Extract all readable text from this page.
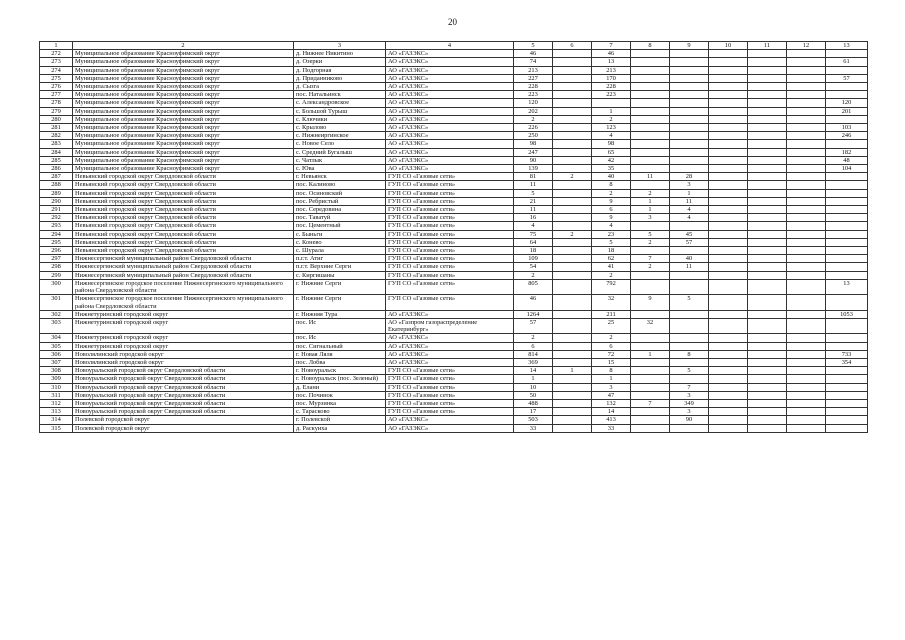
20
1	2	3	4	5	6	7	8	9	10	11	12	13
272	Муниципальное образование Красноуфимский округ	д. Нижнее Никитино	АО «ГАЗЭКС»	46		46						
273	Муниципальное образование Красноуфимский округ	д. Озерки	АО «ГАЗЭКС»	74		13						61
274	Муниципальное образование Красноуфимский округ	д. Подгорная	АО «ГАЗЭКС»	213		213						
275	Муниципальное образование Красноуфимский округ	д. Приданниково	АО «ГАЗЭКС»	227		170						57
276	Муниципальное образование Красноуфимский округ	д. Сызга	АО «ГАЗЭКС»	228		228						
277	Муниципальное образование Красноуфимский округ	пос. Натальинск	АО «ГАЗЭКС»	223		223						
278	Муниципальное образование Красноуфимский округ	с. Александровское	АО «ГАЗЭКС»	120								120
279	Муниципальное образование Красноуфимский округ	с. Большой Турыш	АО «ГАЗЭКС»	202		1						201
280	Муниципальное образование Красноуфимский округ	с. Ключики	АО «ГАЗЭКС»	2		2						
281	Муниципальное образование Красноуфимский округ	с. Крылово	АО «ГАЗЭКС»	226		123						103
282	Муниципальное образование Красноуфимский округ	с. Нижнеиргинское	АО «ГАЗЭКС»	250		4						246
283	Муниципальное образование Красноуфимский округ	с. Новое Село	АО «ГАЗЭКС»	98		98						
284	Муниципальное образование Красноуфимский округ	с. Средний Бугалыш	АО «ГАЗЭКС»	247		65						182
285	Муниципальное образование Красноуфимский округ	с. Чатлык	АО «ГАЗЭКС»	90		42						48
286	Муниципальное образование Красноуфимский округ	с. Юва	АО «ГАЗЭКС»	139		35						104
287	Невьянский городской округ Свердловской области	г. Невьянск	ГУП СО «Газовые сети»	81	2	40	11	28				
288	Невьянский городской округ Свердловской области	пос. Калиново	ГУП СО «Газовые сети»	11		8		3				
289	Невьянский городской округ Свердловской области	пос. Осиновский	ГУП СО «Газовые сети»	5		2	2	1				
290	Невьянский городской округ Свердловской области	пос. Ребристый	ГУП СО «Газовые сети»	21		9	1	11				
291	Невьянский городской округ Свердловской области	пос. Середовина	ГУП СО «Газовые сети»	11		6	1	4				
292	Невьянский городской округ Свердловской области	пос. Таватуй	ГУП СО «Газовые сети»	16		9	3	4				
293	Невьянский городской округ Свердловской области	пос. Цементный	ГУП СО «Газовые сети»	4		4						
294	Невьянский городской округ Свердловской области	с. Быньги	ГУП СО «Газовые сети»	75	2	23	5	45				
295	Невьянский городской округ Свердловской области	с. Конево	ГУП СО «Газовые сети»	64		5	2	57				
296	Невьянский городской округ Свердловской области	с. Шурала	ГУП СО «Газовые сети»	18		18						
297	Нижнесергинский муниципальный район Свердловской области	п.г.т. Атиг	ГУП СО «Газовые сети»	109		62	7	40				
298	Нижнесергинский муниципальный район Свердловской области	п.г.т. Верхние Серги	ГУП СО «Газовые сети»	54		41	2	11				
299	Нижнесергинский муниципальный район Свердловской области	с. Киргишаны	ГУП СО «Газовые сети»	2		2						
300	Нижнесергинское городское поселение Нижнесергинского муниципального района Свердловской области	г. Нижние Серги	ГУП СО «Газовые сети»	805		792						13
301	Нижнесергинское городское поселение Нижнесергинского муниципального района Свердловской области	г. Нижние Серги	ГУП СО «Газовые сети»	46		32	9	5				
302	Нижнетуринский городской округ	г. Нижняя Тура	АО «ГАЗЭКС»	1264		211						1053
303	Нижнетуринский городской округ	пос. Ис	АО «Газпром газораспределение Екатеринбург»	57		25	32					
304	Нижнетуринский городской округ	пос. Ис	АО «ГАЗЭКС»	2		2						
305	Нижнетуринский городской округ	пос. Сигнальный	АО «ГАЗЭКС»	6		6						
306	Новолялинский городской округ	г. Новая Ляля	АО «ГАЗЭКС»	814		72	1	8				733
307	Новолялинский городской округ	пос. Лобва	АО «ГАЗЭКС»	369		15						354
308	Новоуральский городской округ Свердловской области	г. Новоуральск	ГУП СО «Газовые сети»	14	1	8		5				
309	Новоуральский городской округ Свердловской области	г. Новоуральск (пос. Зеленый)	ГУП СО «Газовые сети»	1		1						
310	Новоуральский городской округ Свердловской области	д. Елани	ГУП СО «Газовые сети»	10		3		7				
311	Новоуральский городской округ Свердловской области	пос. Починок	ГУП СО «Газовые сети»	50		47		3				
312	Новоуральский городской округ Свердловской области	пос. Мурзинка	ГУП СО «Газовые сети»	488		132	7	349				
313	Новоуральский городской округ Свердловской области	с. Тарасково	ГУП СО «Газовые сети»	17		14		3				
314	Полевской городской округ	г. Полевской	АО «ГАЗЭКС»	503		413		90				
315	Полевской городской округ	д. Раскуиха	АО «ГАЗЭКС»	33		33						
